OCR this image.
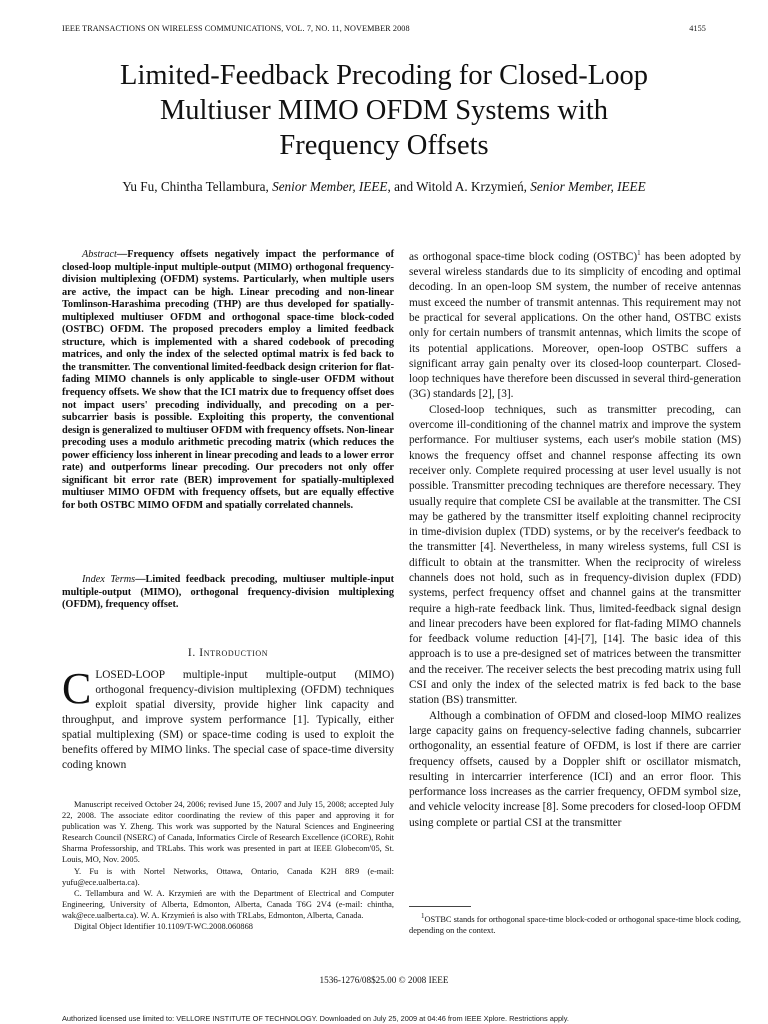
IEEE TRANSACTIONS ON WIRELESS COMMUNICATIONS, VOL. 7, NO. 11, NOVEMBER 2008	4155
Limited-Feedback Precoding for Closed-Loop
Multiuser MIMO OFDM Systems with
Frequency Offsets
Yu Fu, Chintha Tellambura, Senior Member, IEEE, and Witold A. Krzymień, Senior Member, IEEE
Abstract—Frequency offsets negatively impact the performance of closed-loop multiple-input multiple-output (MIMO) orthogonal frequency-division multiplexing (OFDM) systems. Particularly, when multiple users are active, the impact can be high. Linear precoding and non-linear Tomlinson-Harashima precoding (THP) are thus developed for spatially-multiplexed multiuser OFDM and orthogonal space-time block-coded (OSTBC) OFDM. The proposed precoders employ a limited feedback structure, which is implemented with a shared codebook of precoding matrices, and only the index of the selected optimal matrix is fed back to the transmitter. The conventional limited-feedback design criterion for flat-fading MIMO channels is only applicable to single-user OFDM without frequency offsets. We show that the ICI matrix due to frequency offset does not impact users' precoding individually, and precoding on a per-subcarrier basis is possible. Exploiting this property, the conventional design is generalized to multiuser OFDM with frequency offsets. Non-linear precoding uses a modulo arithmetic precoding matrix (which reduces the power efficiency loss inherent in linear precoding and leads to a lower error rate) and outperforms linear precoding. Our precoders not only offer significant bit error rate (BER) improvement for spatially-multiplexed multiuser MIMO OFDM with frequency offsets, but are equally effective for both OSTBC MIMO OFDM and spatially correlated channels.
Index Terms—Limited feedback precoding, multiuser multiple-input multiple-output (MIMO), orthogonal frequency-division multiplexing (OFDM), frequency offset.
I. Introduction
CLOSED-LOOP multiple-input multiple-output (MIMO) orthogonal frequency-division multiplexing (OFDM) techniques exploit spatial diversity, provide higher link capacity and throughput, and improve system performance [1]. Typically, either spatial multiplexing (SM) or space-time coding is used to exploit the benefits offered by MIMO links. The special case of space-time diversity coding known

Manuscript received October 24, 2006; revised June 15, 2007 and July 15, 2008; accepted July 22, 2008. The associate editor coordinating the review of this paper and approving it for publication was Y. Zheng. This work was supported by the Natural Sciences and Engineering Research Council (NSERC) of Canada, Informatics Circle of Research Excellence (iCORE), Rohit Sharma Professorship, and TRLabs. This work was presented in part at IEEE Globecom'05, St. Louis, MO, Nov. 2005.

Y. Fu is with Nortel Networks, Ottawa, Ontario, Canada K2H 8R9 (e-mail: yufu@ece.ualberta.ca).

C. Tellambura and W. A. Krzymień are with the Department of Electrical and Computer Engineering, University of Alberta, Edmonton, Alberta, Canada T6G 2V4 (e-mail: chintha, wak@ece.ualberta.ca). W. A. Krzymień is also with TRLabs, Edmonton, Alberta, Canada.

Digital Object Identifier 10.1109/T-WC.2008.060868

as orthogonal space-time block coding (OSTBC)$^1$ has been adopted by several wireless standards due to its simplicity of encoding and optimal decoding. In an open-loop SM system, the number of receive antennas must exceed the number of transmit antennas. This requirement may not be practical for several applications. On the other hand, OSTBC exists only for certain numbers of transmit antennas, which limits the scope of its potential applications. Moreover, open-loop OSTBC suffers a significant array gain penalty over its closed-loop counterpart. Closed-loop techniques have therefore been discussed in several third-generation (3G) standards [2], [3].

Closed-loop techniques, such as transmitter precoding, can overcome ill-conditioning of the channel matrix and improve the system performance. For multiuser systems, each user's mobile station (MS) knows the frequency offset and channel response affecting its own receiver only. Complete required processing at user level usually is not possible. Transmitter precoding techniques are therefore necessary. They usually require that complete CSI be available at the transmitter. The CSI may be gathered by the transmitter itself exploiting channel reciprocity in time-division duplex (TDD) systems, or by the receiver's feedback to the transmitter [4]. Nevertheless, in many wireless systems, full CSI is difficult to obtain at the transmitter. When the reciprocity of wireless channels does not hold, such as in frequency-division duplex (FDD) systems, perfect frequency offset and channel gains at the transmitter require a high-rate feedback link. Thus, limited-feedback signal design and linear precoders have been explored for flat-fading MIMO channels for feedback volume reduction [4]-[7], [14]. The basic idea of this approach is to use a pre-designed set of matrices between the transmitter and the receiver. The receiver selects the best precoding matrix using full CSI and only the index of the selected matrix is fed back to the base station (BS) transmitter.

Although a combination of OFDM and closed-loop MIMO realizes large capacity gains on frequency-selective fading channels, subcarrier orthogonality, an essential feature of OFDM, is lost if there are carrier frequency offsets, caused by a Doppler shift or oscillator mismatch, resulting in intercarrier interference (ICI) and an error floor. This performance loss increases as the carrier frequency, OFDM symbol size, and vehicle velocity increase [8]. Some precoders for closed-loop OFDM using complete or partial CSI at the transmitter

$^1$OSTBC stands for orthogonal space-time block-coded or orthogonal space-time block coding, depending on the context.
1536-1276/08$25.00 © 2008 IEEE
Authorized licensed use limited to: VELLORE INSTITUTE OF TECHNOLOGY. Downloaded on July 25, 2009 at 04:46 from IEEE Xplore. Restrictions apply.
